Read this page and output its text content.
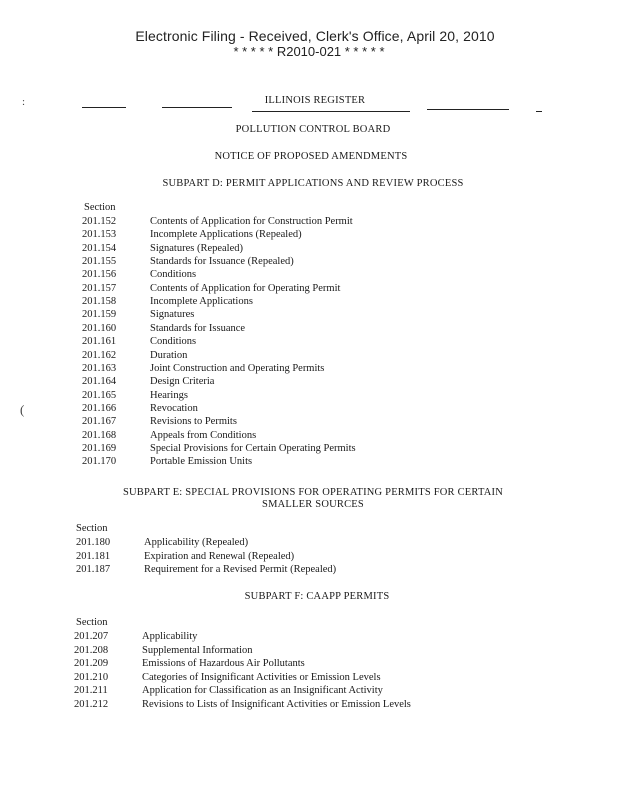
Electronic Filing - Received, Clerk's Office, April 20, 2010
* * * * * R2010-021 * * * * *
:	ILLINOIS REGISTER
POLLUTION CONTROL BOARD
NOTICE OF PROPOSED AMENDMENTS
SUBPART D: PERMIT APPLICATIONS AND REVIEW PROCESS
Section
201.152	Contents of Application for Construction Permit
201.153	Incomplete Applications (Repealed)
201.154	Signatures (Repealed)
201.155	Standards for Issuance (Repealed)
201.156	Conditions
201.157	Contents of Application for Operating Permit
201.158	Incomplete Applications
201.159	Signatures
201.160	Standards for Issuance
201.161	Conditions
201.162	Duration
201.163	Joint Construction and Operating Permits
201.164	Design Criteria
201.165	Hearings
201.166	Revocation
201.167	Revisions to Permits
201.168	Appeals from Conditions
201.169	Special Provisions for Certain Operating Permits
201.170	Portable Emission Units
(
SUBPART E: SPECIAL PROVISIONS FOR OPERATING PERMITS FOR CERTAIN
SMALLER SOURCES
Section
201.180	Applicability (Repealed)
201.181	Expiration and Renewal (Repealed)
201.187	Requirement for a Revised Permit (Repealed)
SUBPART F: CAAPP PERMITS
Section
201.207	Applicability
201.208	Supplemental Information
201.209	Emissions of Hazardous Air Pollutants
201.210	Categories of Insignificant Activities or Emission Levels
201.211	Application for Classification as an Insignificant Activity
201.212	Revisions to Lists of Insignificant Activities or Emission Levels
